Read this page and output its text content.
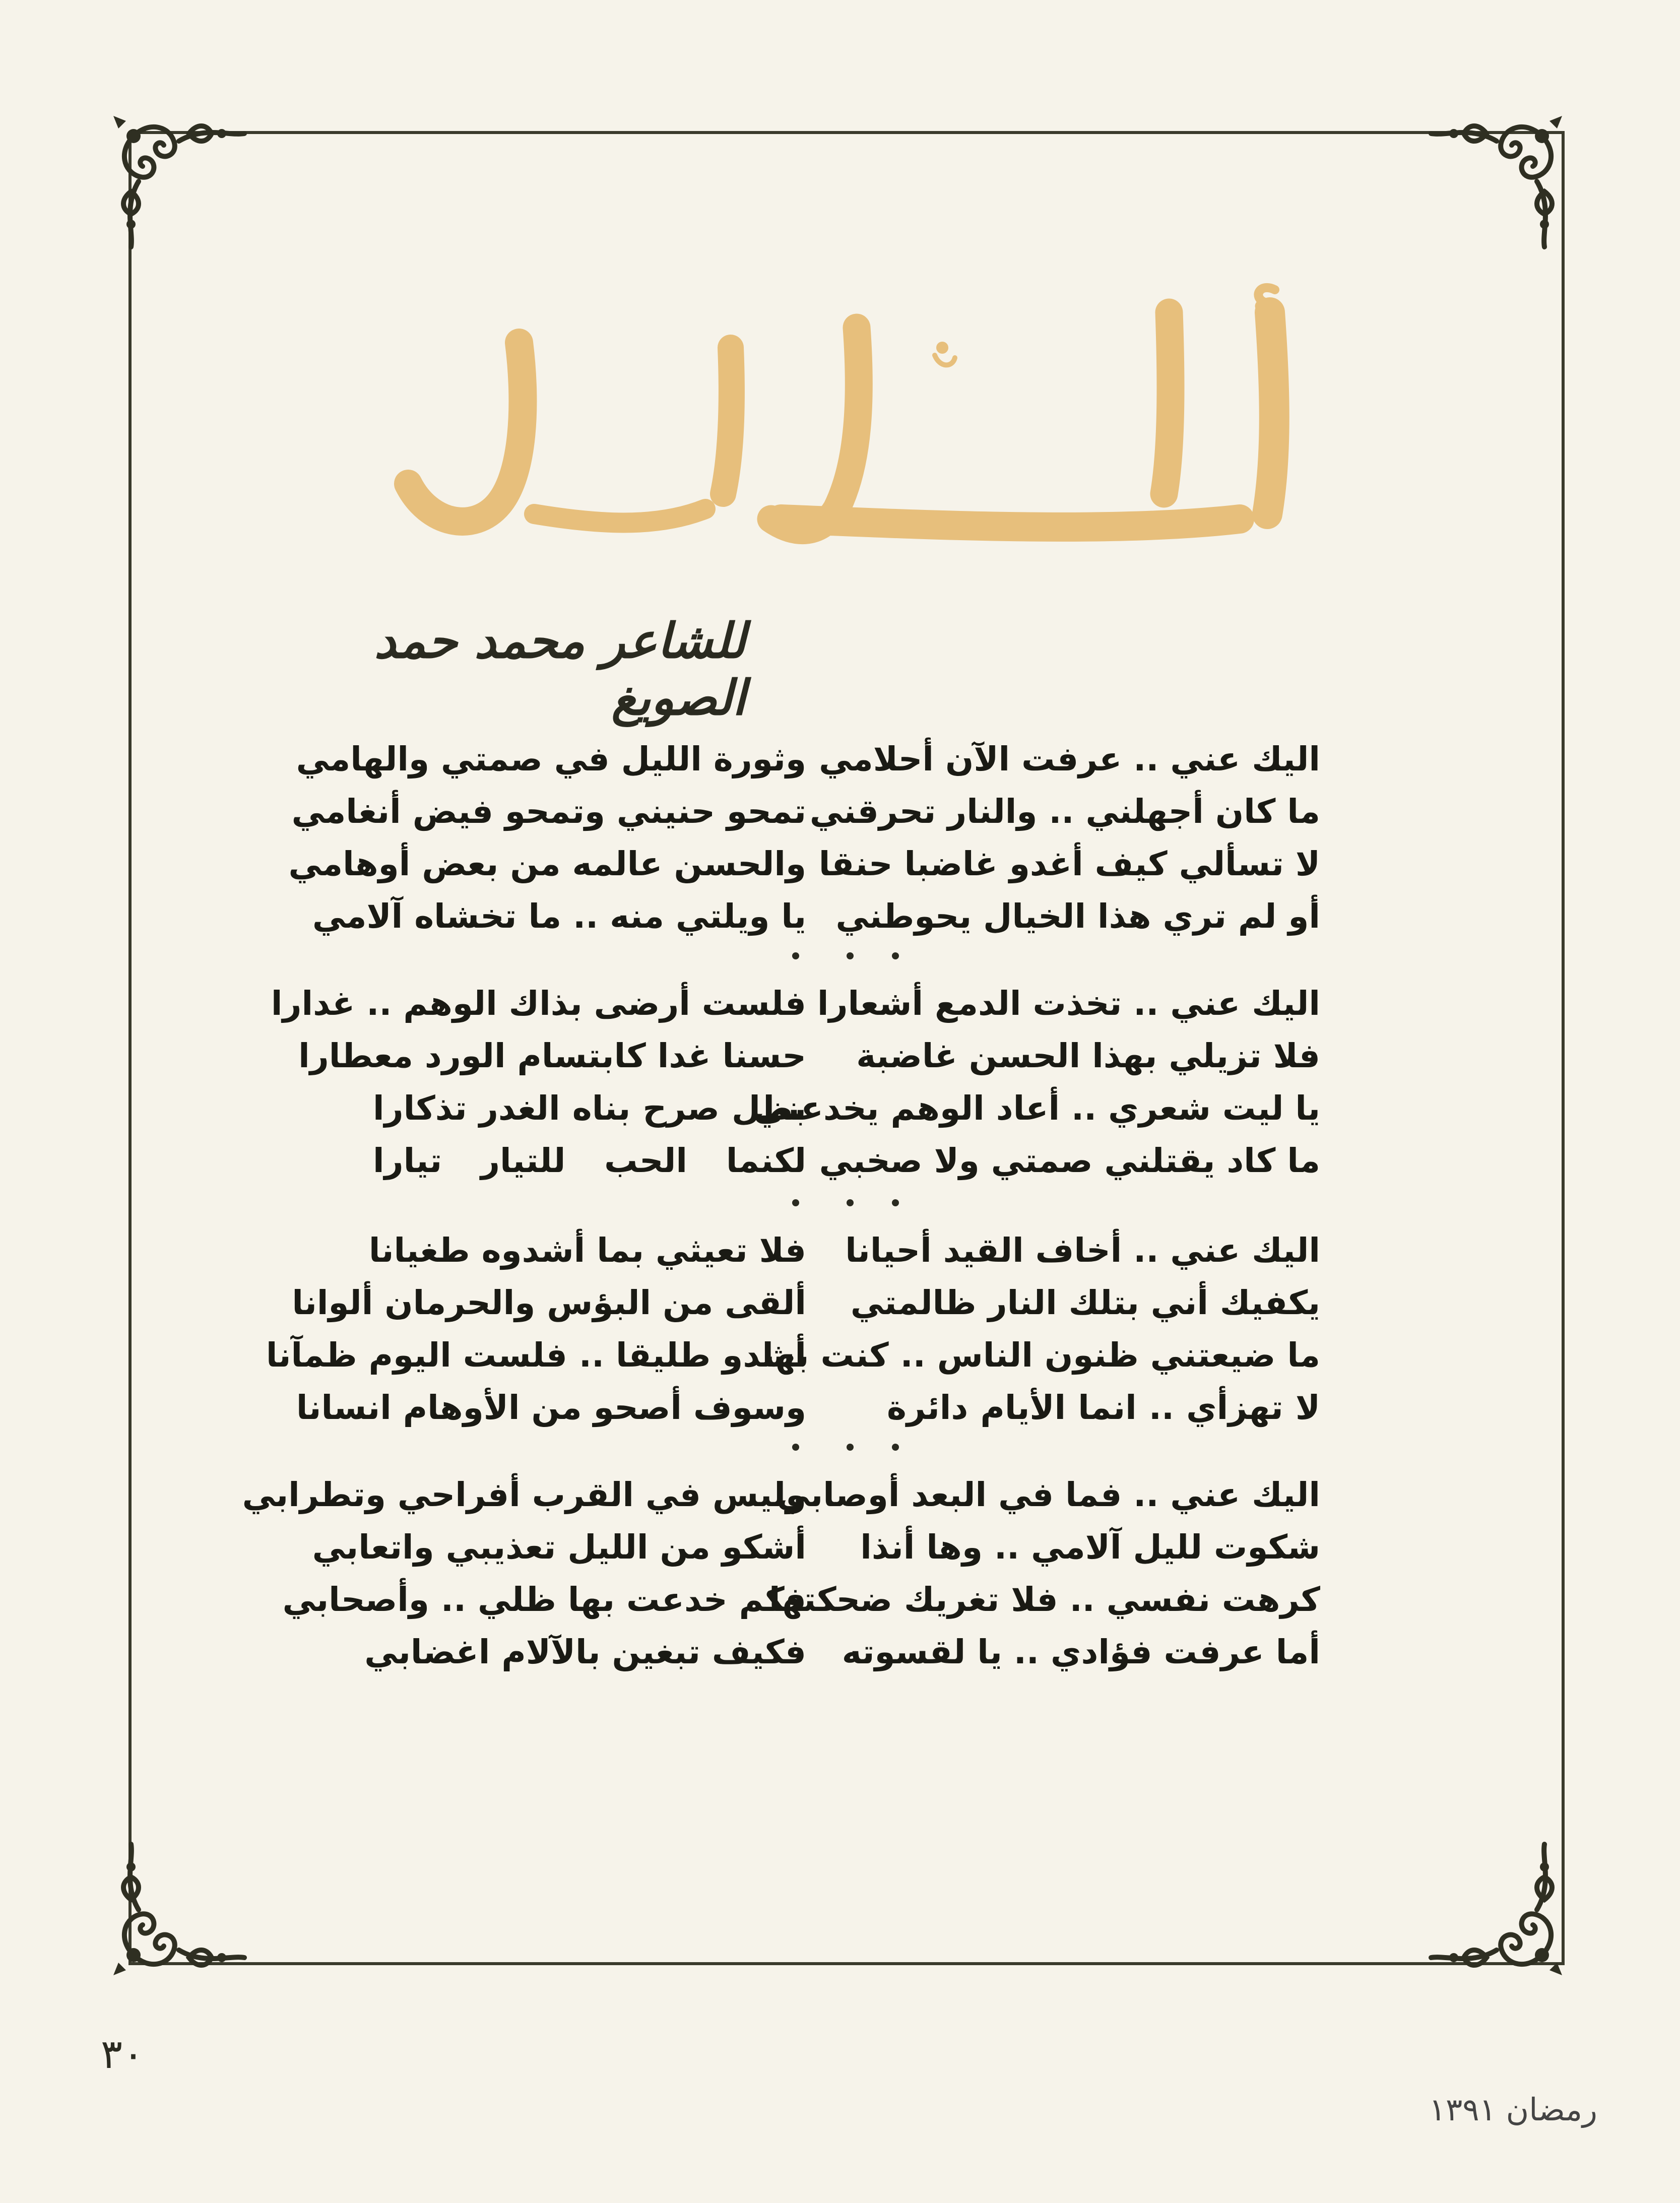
للشاعر محمد حمد الصويغ
اليك عني .. عرفت الآن أحلامي
ما كان أجهلني .. والنار تحرقني
لا تسألي كيف أغدو غاضبا حنقا
أو لم تري هذا الخيال يحوطني
وثورة الليل في صمتي والهامي
تمحو حنيني وتمحو فيض أنغامي
والحسن عالمه من بعض أوهامي
يا ويلتي منه .. ما تخشاه آلامي
اليك عني .. تخذت الدمع أشعارا
فلا تزيلي بهذا الحسن غاضبة
يا ليت شعري .. أعاد الوهم يخدعني
ما كاد يقتلني صمتي ولا صخبي
فلست أرضى بذاك الوهم .. غدارا
حسنا غدا كابتسام الورد معطارا
بظل صرح بناه الغدر تذكارا
لكنما الحب للتيار تيارا
اليك عني .. أخاف القيد أحيانا
يكفيك أني بتلك النار ظالمتي
ما ضيعتني ظنون الناس .. كنت بها
لا تهزأي .. انما الأيام دائرة
فلا تعيثي بما أشدوه طغيانا
ألقى من البؤس والحرمان ألوانا
أشدو طليقا .. فلست اليوم ظمآنا
وسوف أصحو من الأوهام انسانا
اليك عني .. فما في البعد أوصابي
شكوت لليل آلامي .. وها أنذا
كرهت نفسي .. فلا تغريك ضحكتها
أما عرفت فؤادي .. يا لقسوته
وليس في القرب أفراحي وتطرابي
أشكو من الليل تعذيبي واتعابي
فكم خدعت بها ظلي .. وأصحابي
فكيف تبغين بالآلام اغضابي
٣٠
رمضان ١٣٩١
